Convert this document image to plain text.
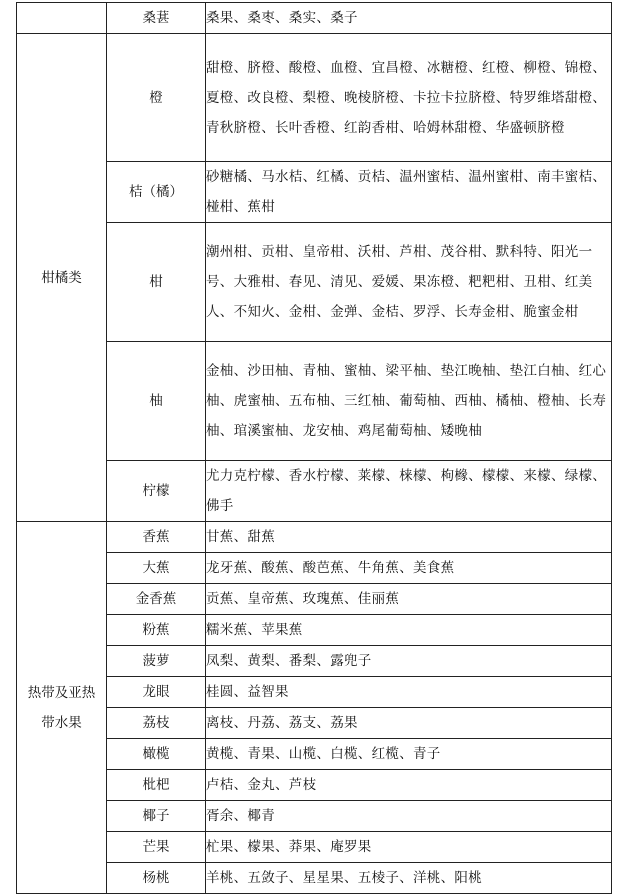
	桑葚	桑果、桑枣、桑实、桑子
柑橘类	橙	甜橙、脐橙、酸橙、血橙、宜昌橙、冰糖橙、红橙、柳橙、锦橙、夏橙、改良橙、梨橙、晚棱脐橙、卡拉卡拉脐橙、特罗维塔甜橙、青秋脐橙、长叶香橙、红韵香柑、哈姆林甜橙、华盛顿脐橙
	桔（橘）	砂糖橘、马水桔、红橘、贡桔、温州蜜桔、温州蜜柑、南丰蜜桔、椪柑、蕉柑
	柑	潮州柑、贡柑、皇帝柑、沃柑、芦柑、茂谷柑、默科特、阳光一号、大雅柑、春见、清见、爱媛、果冻橙、粑粑柑、丑柑、红美人、不知火、金柑、金弹、金桔、罗浮、长寿金柑、脆蜜金柑
	柚	金柚、沙田柚、青柚、蜜柚、梁平柚、垫江晚柚、垫江白柚、红心柚、虎蜜柚、五布柚、三红柚、葡萄柚、西柚、橘柚、橙柚、长寿柚、琯溪蜜柚、龙安柚、鸡尾葡萄柚、矮晚柚
	柠檬	尤力克柠檬、香水柠檬、莱檬、梾檬、枸橼、檬檬、来檬、绿檬、佛手
热带及亚热带水果	香蕉	甘蕉、甜蕉
	大蕉	龙牙蕉、酸蕉、酸芭蕉、牛角蕉、美食蕉
	金香蕉	贡蕉、皇帝蕉、玫瑰蕉、佳丽蕉
	粉蕉	糯米蕉、苹果蕉
	菠萝	凤梨、黄梨、番梨、露兜子
	龙眼	桂圆、益智果
	荔枝	离枝、丹荔、荔支、荔果
	橄榄	黄榄、青果、山榄、白榄、红榄、青子
	枇杷	卢桔、金丸、芦枝
	椰子	胥余、椰青
	芒果	杧果、檬果、莽果、庵罗果
	杨桃	羊桃、五敛子、星星果、五棱子、洋桃、阳桃
